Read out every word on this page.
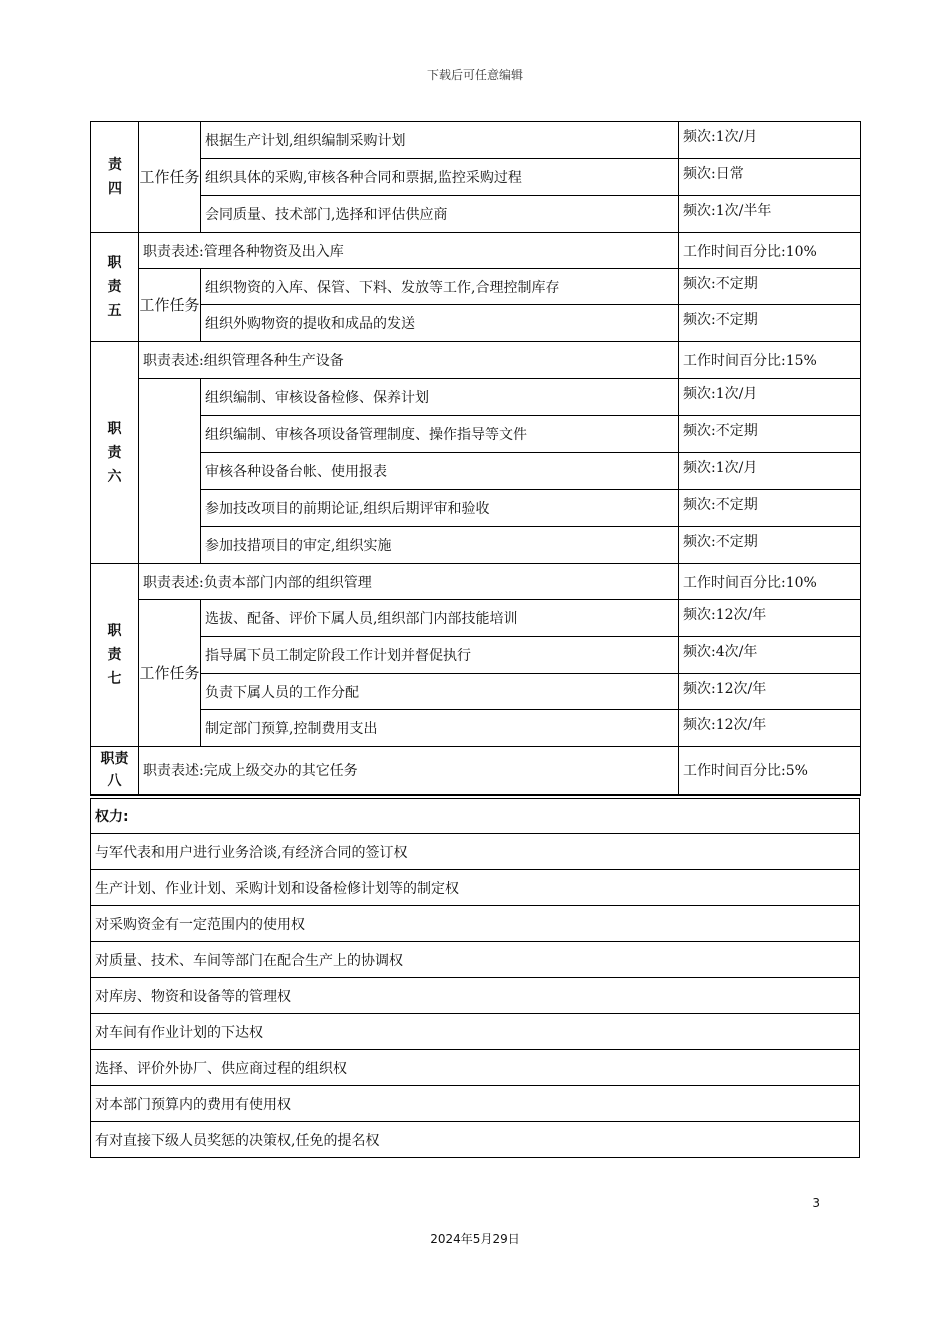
下载后可任意编辑
责四	工作任务	根据生产计划,组织编制采购计划	频次:1次/月
		组织具体的采购,审核各种合同和票据,监控采购过程	频次:日常
		会同质量、技术部门,选择和评估供应商	频次:1次/半年

职责五	职责表述:管理各种物资及出入库		工作时间百分比:10%
	工作任务	组织物资的入库、保管、下料、发放等工作,合理控制库存	频次:不定期
		组织外购物资的提收和成品的发送	频次:不定期

职责六	职责表述:组织管理各种生产设备		工作时间百分比:15%
		组织编制、审核设备检修、保养计划	频次:1次/月
		组织编制、审核各项设备管理制度、操作指导等文件	频次:不定期
		审核各种设备台帐、使用报表	频次:1次/月
		参加技改项目的前期论证,组织后期评审和验收	频次:不定期
		参加技措项目的审定,组织实施	频次:不定期

职责七	职责表述:负责本部门内部的组织管理		工作时间百分比:10%
	工作任务	选拔、配备、评价下属人员,组织部门内部技能培训	频次:12次/年
		指导属下员工制定阶段工作计划并督促执行	频次:4次/年
		负责下属人员的工作分配	频次:12次/年
		制定部门预算,控制费用支出	频次:12次/年

职责八	职责表述:完成上级交办的其它任务		工作时间百分比:5%
权力:
与军代表和用户进行业务洽谈,有经济合同的签订权
生产计划、作业计划、采购计划和设备检修计划等的制定权
对采购资金有一定范围内的使用权
对质量、技术、车间等部门在配合生产上的协调权
对库房、物资和设备等的管理权
对车间有作业计划的下达权
选择、评价外协厂、供应商过程的组织权
对本部门预算内的费用有使用权
有对直接下级人员奖惩的决策权,任免的提名权
3
2024年5月29日
